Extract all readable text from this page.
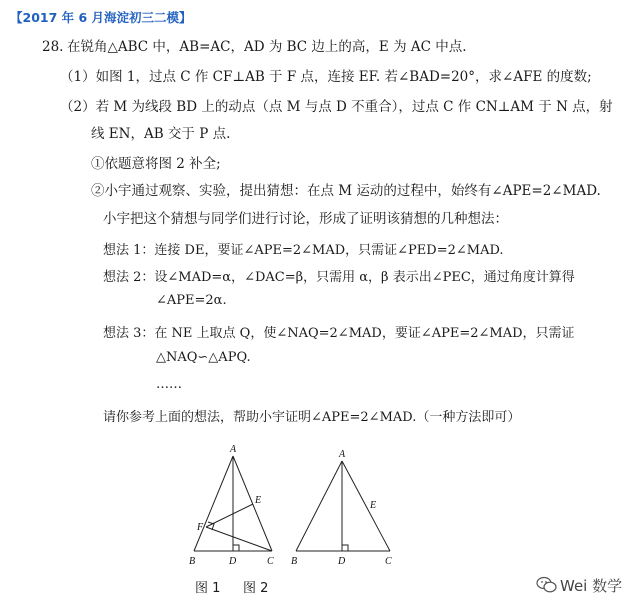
【2017 年 6 月海淀初三二模】
28. 在锐角△ABC 中，AB=AC，AD 为 BC 边上的高，E 为 AC 中点.
（1）如图 1，过点 C 作 CF⊥AB 于 F 点，连接 EF. 若∠BAD=20°，求∠AFE 的度数;
（2）若 M 为线段 BD 上的动点（点 M 与点 D 不重合），过点 C 作 CN⊥AM 于 N 点，射
线 EN，AB 交于 P 点.
①依题意将图 2 补全;
②小宇通过观察、实验，提出猜想：在点 M 运动的过程中，始终有∠APE=2∠MAD.
小宇把这个猜想与同学们进行讨论，形成了证明该猜想的几种想法：
想法 1：连接 DE，要证∠APE=2∠MAD，只需证∠PED=2∠MAD.
想法 2：设∠MAD=α，∠DAC=β，只需用 α，β 表示出∠PEC，通过角度计算得
∠APE=2α.
想法 3：在 NE 上取点 Q，使∠NAQ=2∠MAD，要证∠APE=2∠MAD，只需证
△NAQ∽△APQ.
……
请你参考上面的想法，帮助小宇证明∠APE=2∠MAD.（一种方法即可）
A
B	C
D
E
F
A
B	C
D
E
图 1 图 2	Wei 数学
